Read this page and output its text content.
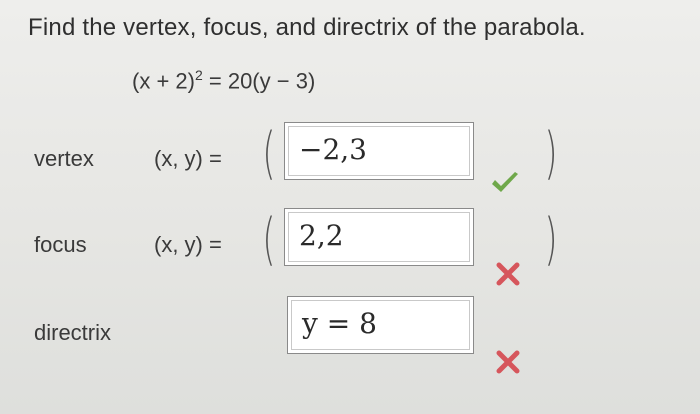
Find the vertex, focus, and directrix of the parabola.
$(x + 2)^2 = 20(y - 3)$
vertex	(x, y) = ( −2,3	)
focus	(x, y) = ( 2,2	)
directrix	y = 8
